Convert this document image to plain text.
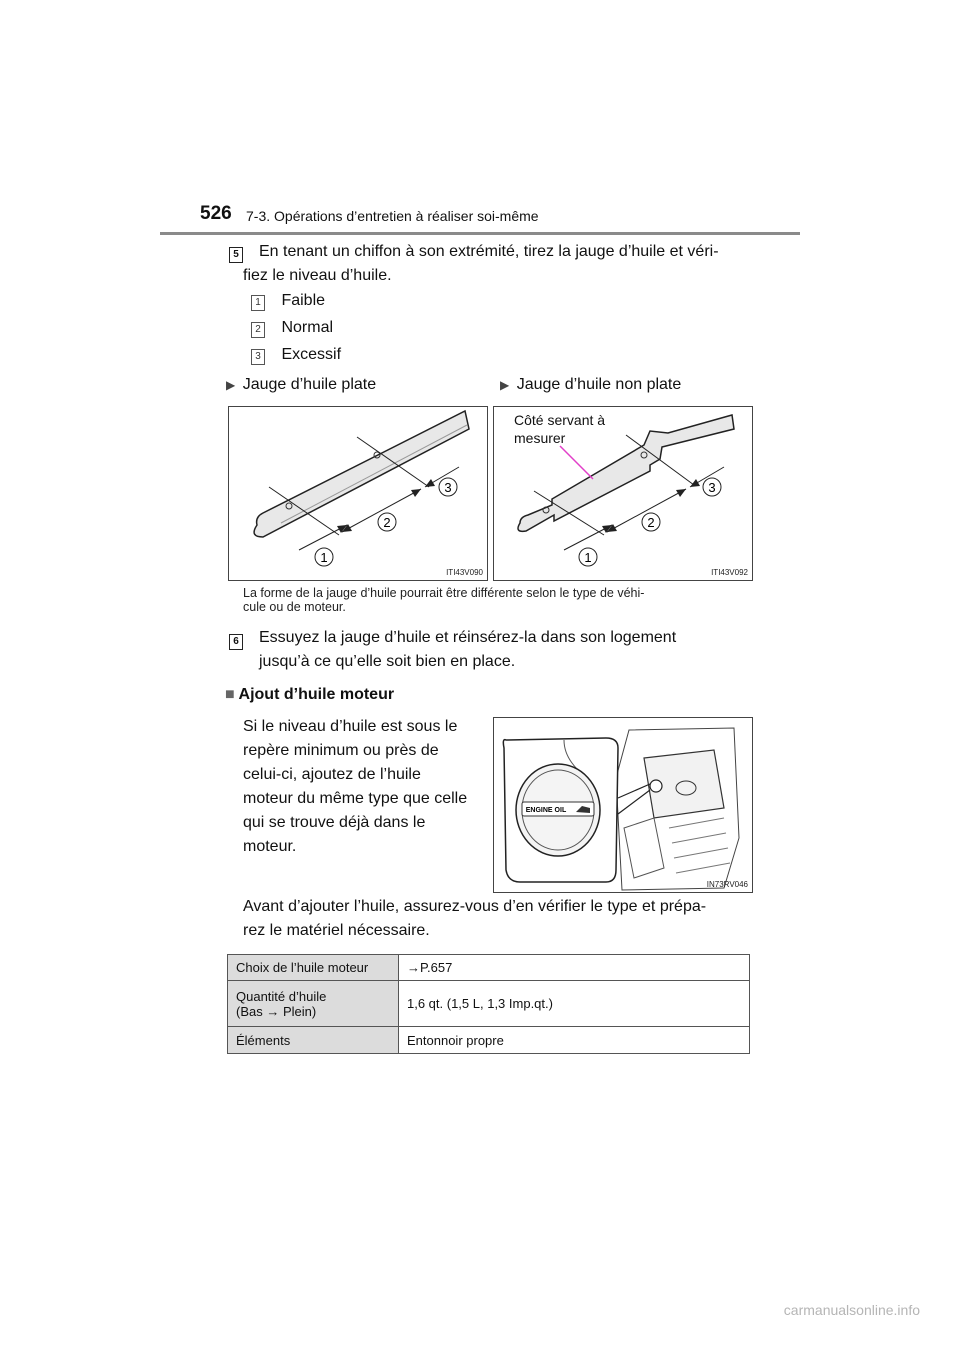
526 7-3. Opérations d’entretien à réaliser soi-même
5 En tenant un chiffon à son extrémité, tirez la jauge d’huile et véri-
fiez le niveau d’huile.
1 Faible
2 Normal
3 Excessif
▶ Jauge d’huile plate	▶ Jauge d’huile non plate
1
2
3
ITI43V090
1
2
3
Côté servant à
mesurer
ITI43V092
La forme de la jauge d’huile pourrait être différente selon le type de véhi-
cule ou de moteur.
6 Essuyez la jauge d’huile et réinsérez-la dans son logement
jusqu’à ce qu’elle soit bien en place.
■ Ajout d’huile moteur
Si le niveau d’huile est sous le
repère minimum ou près de
celui-ci, ajoutez de l’huile
moteur du même type que celle
qui se trouve déjà dans le
moteur.
ENGINE OIL
IN73RV046
Avant d’ajouter l’huile, assurez-vous d’en vérifier le type et prépa-
rez le matériel nécessaire.
Choix de l’huile moteur	→P.657

Quantité d’huile
(Bas → Plein)	1,6 qt. (1,5 L, 1,3 Imp.qt.)
Éléments	Entonnoir propre
carmanualsonline.info
